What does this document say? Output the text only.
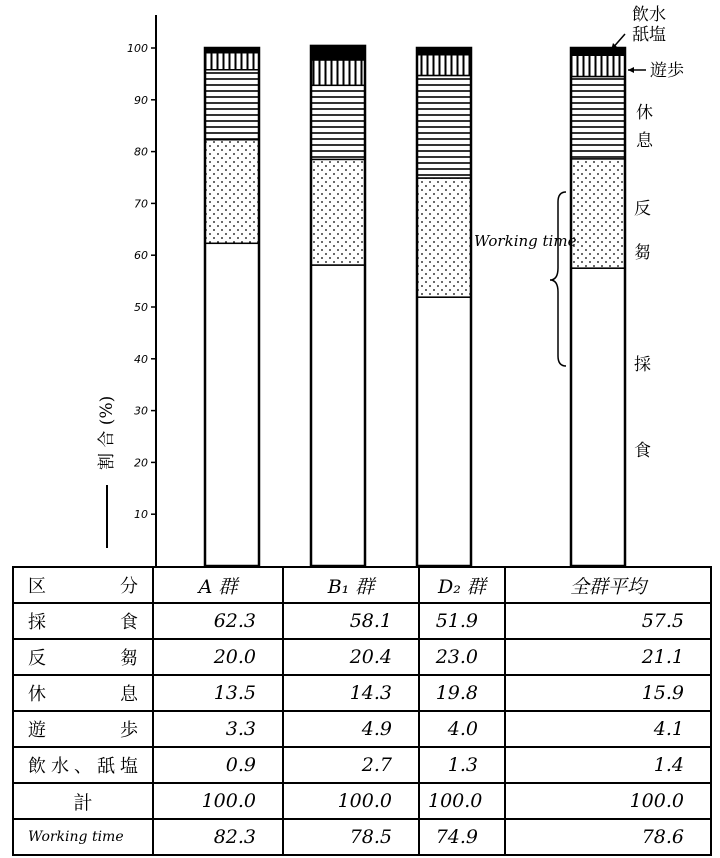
10
20
30
40
50
60
70
80
90
100
割 合 (%)
Working time
飲水
舐塩
遊歩
休
息
反
芻
採
食
区 分	A 群	B₁ 群	D₂ 群	全群平均
採 食	62.3	58.1	51.9	57.5
反 芻	20.0	20.4	23.0	21.1
休 息	13.5	14.3	19.8	15.9
遊 歩	3.3	4.9	4.0	4.1
飲水、舐塩	0.9	2.7	1.3	1.4
計	100.0	100.0	100.0	100.0
Working time	82.3	78.5	74.9	78.6
